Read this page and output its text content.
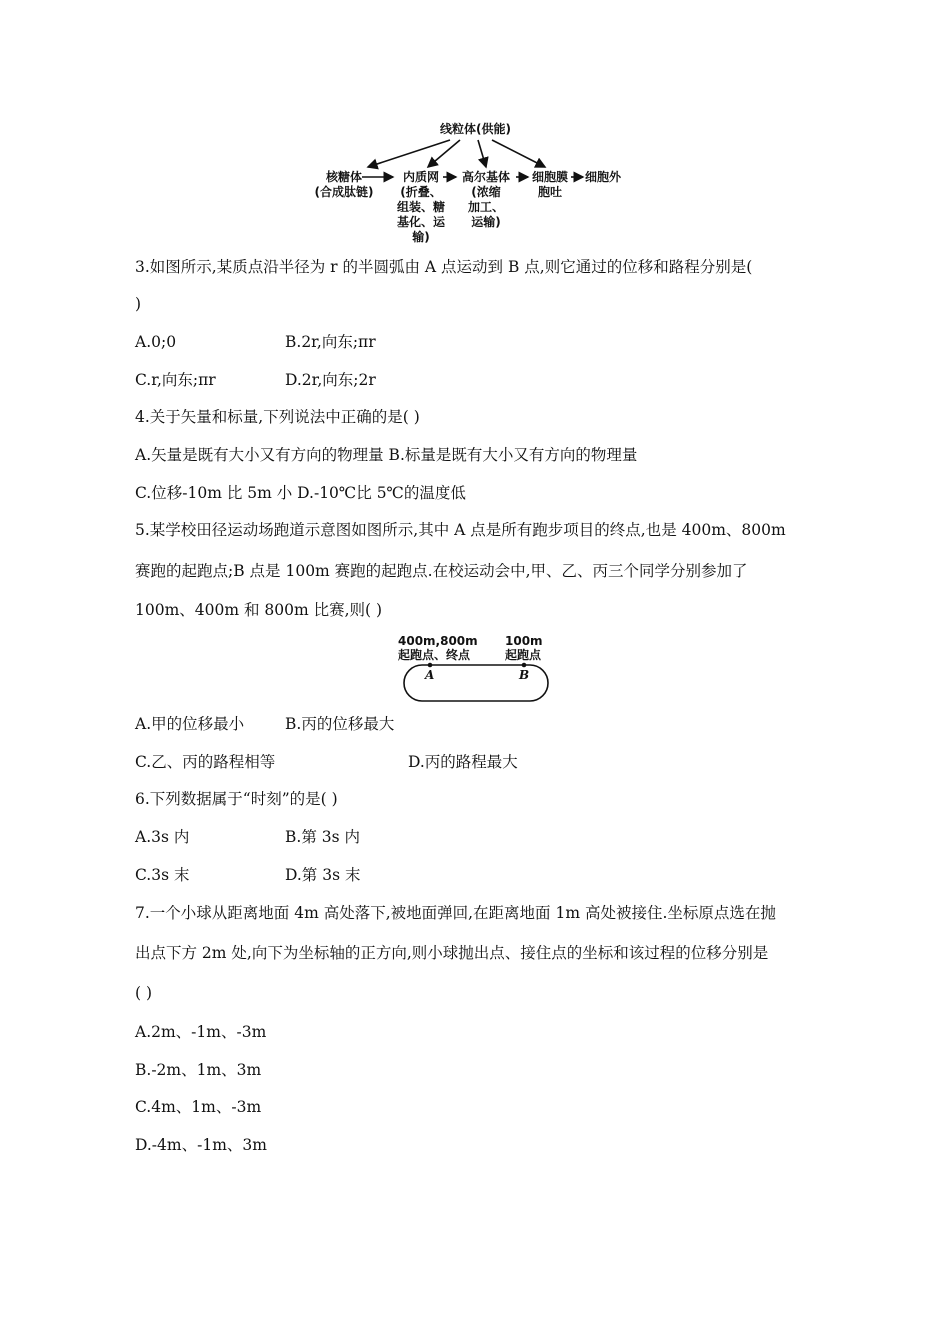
线粒体(供能)
核糖体
(合成肽链)
内质网
(折叠、
组装、糖
基化、运
输)
高尔基体
(浓缩
加工、
运输)
细胞膜
胞吐
细胞外
3.如图所示,某质点沿半径为 r 的半圆弧由 A 点运动到 B 点,则它通过的位移和路程分别是(
)
A.0;0	B.2r,向东;πr
C.r,向东;πr	D.2r,向东;2r
4.关于矢量和标量,下列说法中正确的是( )
A.矢量是既有大小又有方向的物理量 B.标量是既有大小又有方向的物理量
C.位移-10m 比 5m 小 D.-10℃比 5℃的温度低
5.某学校田径运动场跑道示意图如图所示,其中 A 点是所有跑步项目的终点,也是 400m、800m
赛跑的起跑点;B 点是 100m 赛跑的起跑点.在校运动会中,甲、乙、丙三个同学分别参加了
100m、400m 和 800m 比赛,则( )
400m,800m
起跑点、终点
100m
起跑点
A	B
A.甲的位移最小	B.丙的位移最大
C.乙、丙的路程相等	D.丙的路程最大
6.下列数据属于“时刻”的是( )
A.3s 内	B.第 3s 内
C.3s 末	D.第 3s 末
7.一个小球从距离地面 4m 高处落下,被地面弹回,在距离地面 1m 高处被接住.坐标原点选在抛
出点下方 2m 处,向下为坐标轴的正方向,则小球抛出点、接住点的坐标和该过程的位移分别是
( )
A.2m、-1m、-3m
B.-2m、1m、3m
C.4m、1m、-3m
D.-4m、-1m、3m
